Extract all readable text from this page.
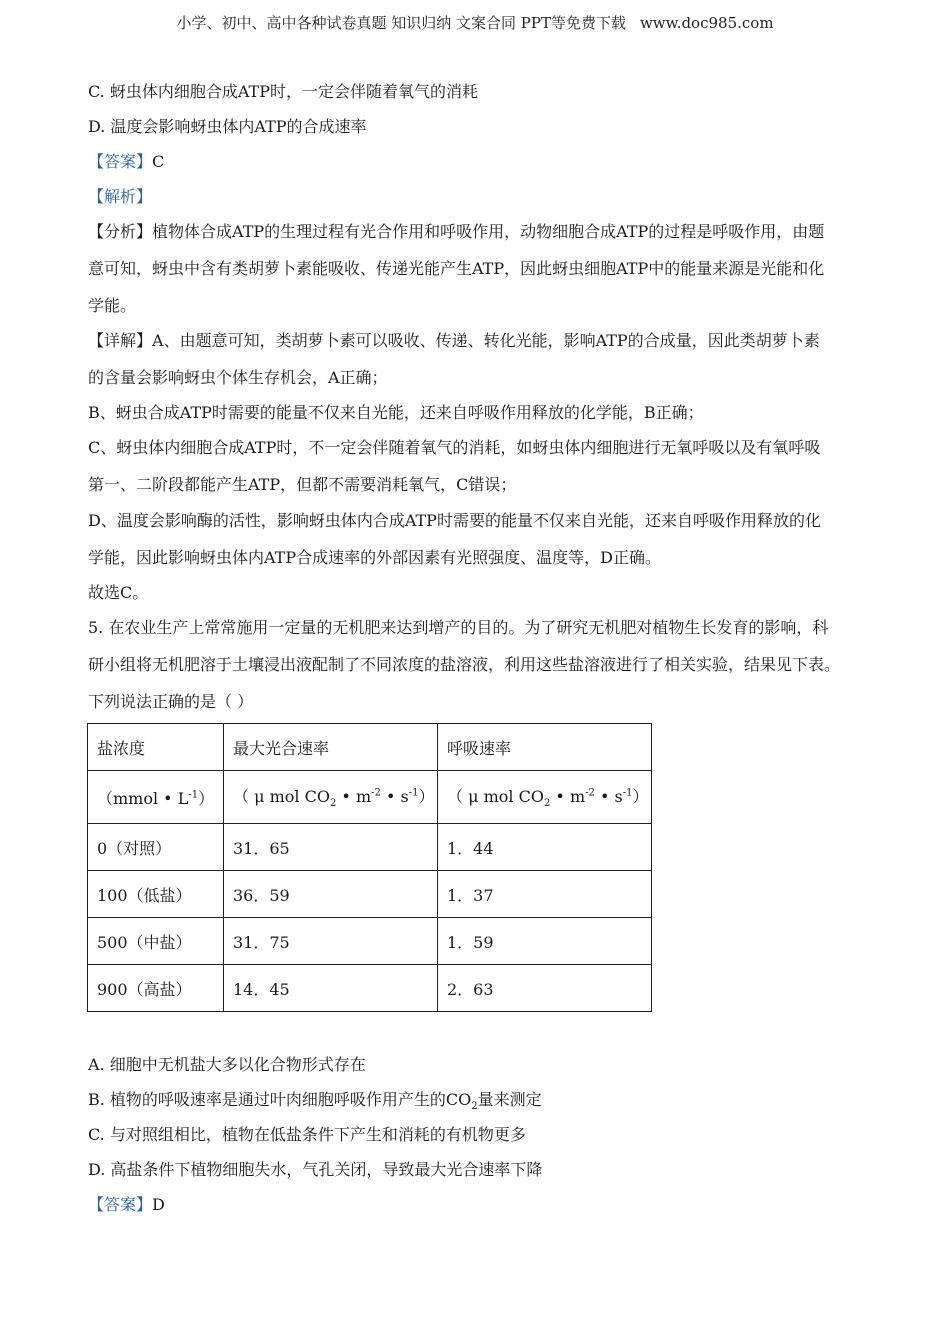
小学、初中、高中各种试卷真题 知识归纳 文案合同 PPT等免费下载 www.doc985.com
C. 蚜虫体内细胞合成ATP时，一定会伴随着氧气的消耗
D. 温度会影响蚜虫体内ATP的合成速率
【答案】C
【解析】
【分析】植物体合成ATP的生理过程有光合作用和呼吸作用，动物细胞合成ATP的过程是呼吸作用，由题
意可知，蚜虫中含有类胡萝卜素能吸收、传递光能产生ATP，因此蚜虫细胞ATP中的能量来源是光能和化
学能。
【详解】A、由题意可知，类胡萝卜素可以吸收、传递、转化光能，影响ATP的合成量，因此类胡萝卜素
的含量会影响蚜虫个体生存机会，A正确；
B、蚜虫合成ATP时需要的能量不仅来自光能，还来自呼吸作用释放的化学能，B正确；
C、蚜虫体内细胞合成ATP时，不一定会伴随着氧气的消耗，如蚜虫体内细胞进行无氧呼吸以及有氧呼吸
第一、二阶段都能产生ATP，但都不需要消耗氧气，C错误；
D、温度会影响酶的活性，影响蚜虫体内合成ATP时需要的能量不仅来自光能，还来自呼吸作用释放的化
学能，因此影响蚜虫体内ATP合成速率的外部因素有光照强度、温度等，D正确。
故选C。
5. 在农业生产上常常施用一定量的无机肥来达到增产的目的。为了研究无机肥对植物生长发育的影响，科
研小组将无机肥溶于土壤浸出液配制了不同浓度的盐溶液，利用这些盐溶液进行了相关实验，结果见下表。
下列说法正确的是（ ）
盐浓度	最大光合速率	呼吸速率
（mmol • $L^{-1}$）	（ μ mol $CO_2$ • $m^{-2}$ • $s^{-1}$）	（ μ mol $CO_2$ • $m^{-2}$ • $s^{-1}$）
0（对照）	31．65	1．44
100（低盐）	36．59	1．37
500（中盐）	31．75	1．59
900（高盐）	14．45	2．63
A. 细胞中无机盐大多以化合物形式存在
B. 植物的呼吸速率是通过叶肉细胞呼吸作用产生的$CO_2$量来测定
C. 与对照组相比，植物在低盐条件下产生和消耗的有机物更多
D. 高盐条件下植物细胞失水，气孔关闭，导致最大光合速率下降
【答案】D
